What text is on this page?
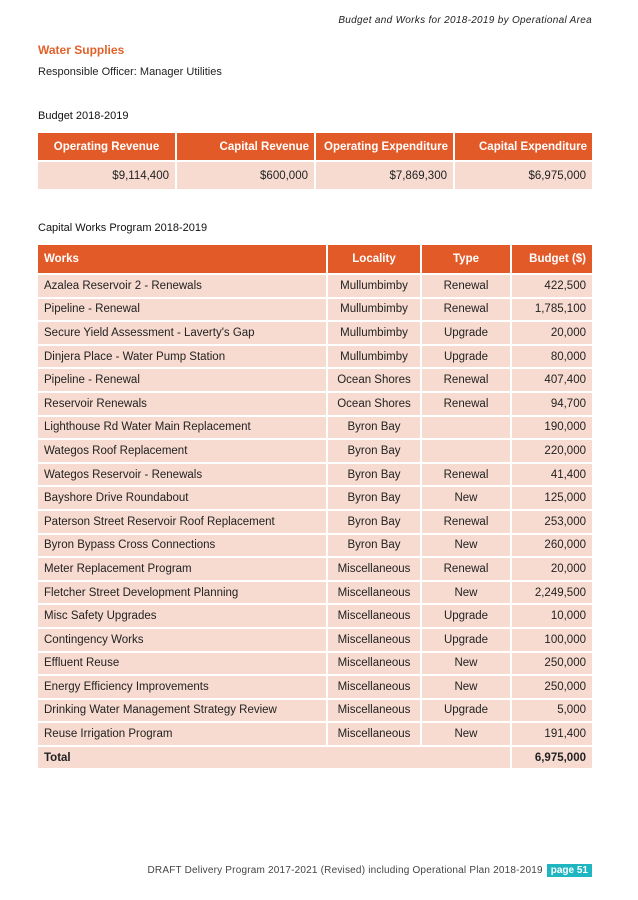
Budget and Works for 2018-2019 by Operational Area
Water Supplies
Responsible Officer: Manager Utilities
Budget 2018-2019
Operating Revenue	Capital Revenue	Operating Expenditure	Capital Expenditure
$9,114,400	$600,000	$7,869,300	$6,975,000
Capital Works Program 2018-2019
Works	Locality	Type	Budget ($)
Azalea Reservoir 2 - Renewals	Mullumbimby	Renewal	422,500
Pipeline - Renewal	Mullumbimby	Renewal	1,785,100
Secure Yield Assessment - Laverty's Gap	Mullumbimby	Upgrade	20,000
Dinjera Place - Water Pump Station	Mullumbimby	Upgrade	80,000
Pipeline - Renewal	Ocean Shores	Renewal	407,400
Reservoir Renewals	Ocean Shores	Renewal	94,700
Lighthouse Rd Water Main Replacement	Byron Bay		190,000
Wategos Roof Replacement	Byron Bay		220,000
Wategos Reservoir - Renewals	Byron Bay	Renewal	41,400
Bayshore Drive Roundabout	Byron Bay	New	125,000
Paterson Street Reservoir Roof Replacement	Byron Bay	Renewal	253,000
Byron Bypass Cross Connections	Byron Bay	New	260,000
Meter Replacement Program	Miscellaneous	Renewal	20,000
Fletcher Street Development Planning	Miscellaneous	New	2,249,500
Misc Safety Upgrades	Miscellaneous	Upgrade	10,000
Contingency Works	Miscellaneous	Upgrade	100,000
Effluent Reuse	Miscellaneous	New	250,000
Energy Efficiency Improvements	Miscellaneous	New	250,000
Drinking Water Management Strategy Review	Miscellaneous	Upgrade	5,000
Reuse Irrigation Program	Miscellaneous	New	191,400
Total			6,975,000
DRAFT Delivery Program 2017-2021 (Revised) including Operational Plan 2018-2019 page 51
